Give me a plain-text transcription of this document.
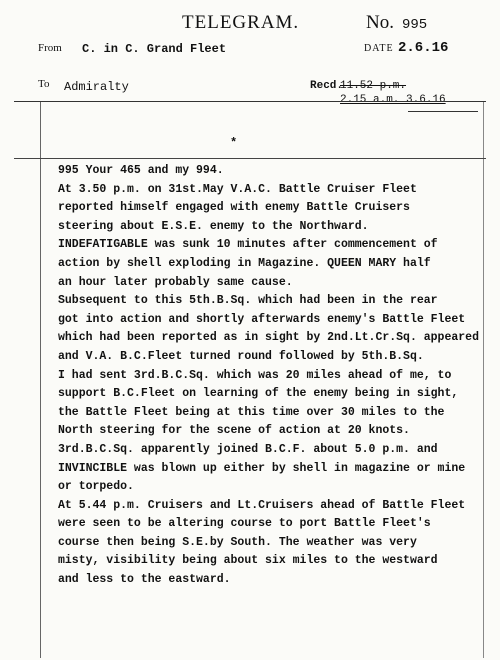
TELEGRAM.	No. 995
From C. in C. Grand Fleet	DATE 2.6.16
To Admiralty	Recd.
11.52 p.m.
2.15 a.m. 3.6.16
*
995 Your 465 and my 994.
At 3.50 p.m. on 31st.May V.A.C. Battle Cruiser Fleet
reported himself engaged with enemy Battle Cruisers
steering about E.S.E. enemy to the Northward.
INDEFATIGABLE was sunk 10 minutes after commencement of
action by shell exploding in Magazine. QUEEN MARY half
an hour later probably same cause.
Subsequent to this 5th.B.Sq. which had been in the rear
got into action and shortly afterwards enemy's Battle Fleet
which had been reported as in sight by 2nd.Lt.Cr.Sq. appeared
and V.A. B.C.Fleet turned round followed by 5th.B.Sq.
I had sent 3rd.B.C.Sq. which was 20 miles ahead of me, to
support B.C.Fleet on learning of the enemy being in sight,
the Battle Fleet being at this time over 30 miles to the
North steering for the scene of action at 20 knots.
3rd.B.C.Sq. apparently joined B.C.F. about 5.0 p.m. and
INVINCIBLE was blown up either by shell in magazine or mine
or torpedo.
At 5.44 p.m. Cruisers and Lt.Cruisers ahead of Battle Fleet
were seen to be altering course to port Battle Fleet's
course then being S.E.by South. The weather was very
misty, visibility being about six miles to the westward
and less to the eastward.
